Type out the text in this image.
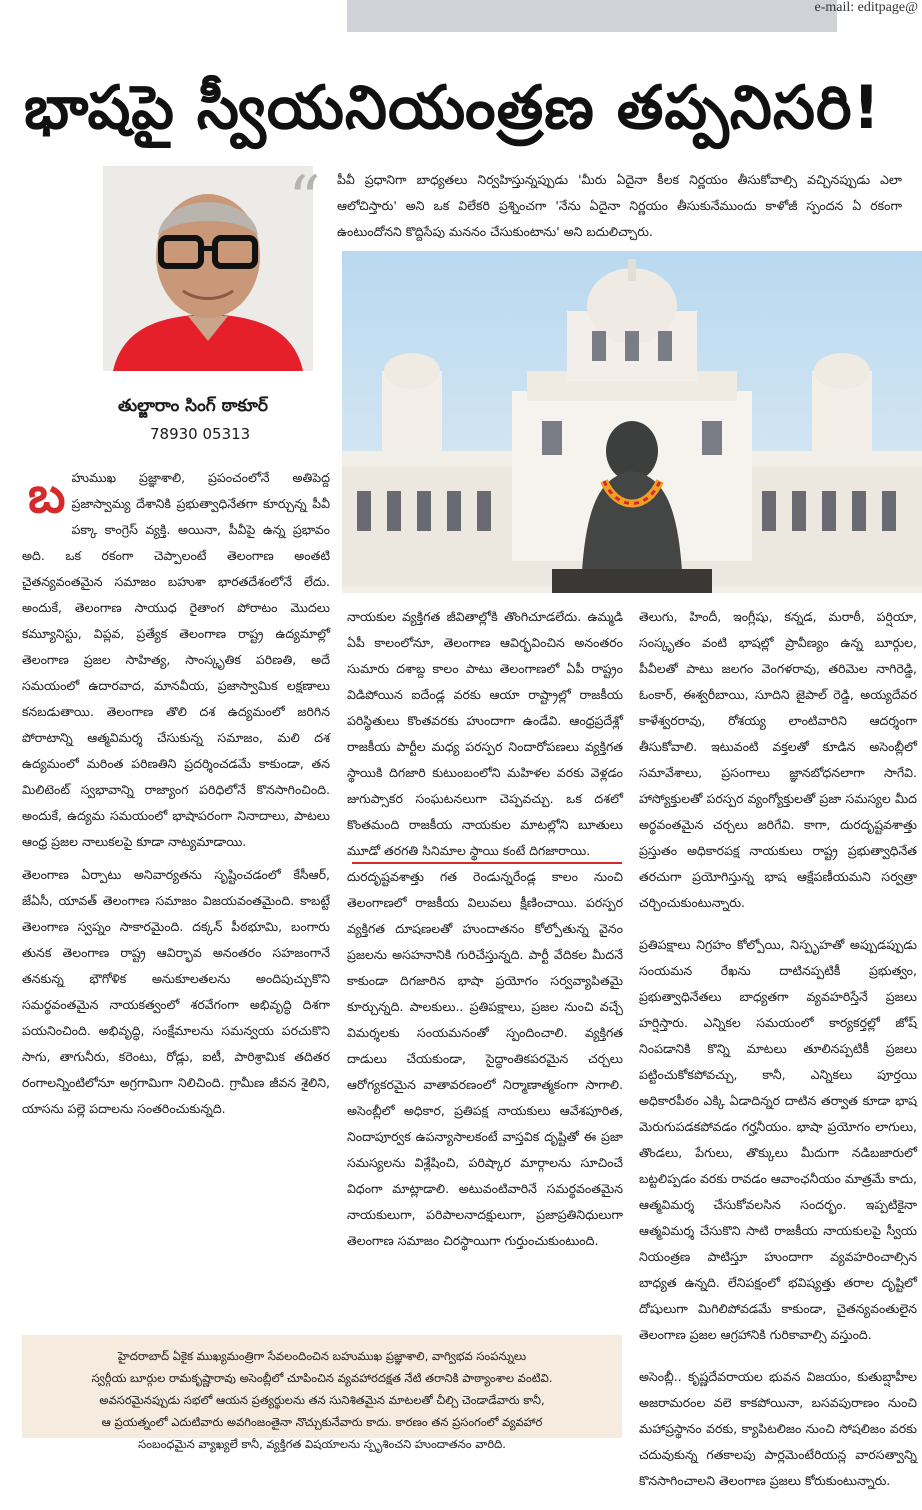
e-mail: editpage@
భాషపై స్వీయనియంత్రణ తప్పనిసరి!
తుల్జారాం సింగ్ ఠాకూర్
78930 05313
“ పీవీ ప్రధానిగా బాధ్యతలు నిర్వహిస్తున్నప్పుడు 'మీరు ఏదైనా కీలక నిర్ణయం తీసుకోవాల్సి వచ్చినప్పుడు ఎలా ఆలోచిస్తారు' అని ఒక విలేకరి ప్రశ్నించగా 'నేను ఏదైనా నిర్ణయం తీసుకునేముందు కాళోజీ స్పందన ఏ రకంగా ఉంటుందోనని కొద్దిసేపు మననం చేసుకుంటాను' అని బదులిచ్చారు.
బ హుముఖ ప్రజ్ఞాశాలి, ప్రపంచంలోనే అతిపెద్ద ప్రజాస్వామ్య దేశానికి ప్రభుత్వాధినేతగా కూర్చున్న పీవీ పక్కా కాంగ్రెస్ వ్యక్తి. అయినా, పీవీపై ఉన్న ప్రభావం అది. ఒక రకంగా చెప్పాలంటే తెలంగాణ అంతటి చైతన్యవంతమైన సమాజం బహుశా భారతదేశంలోనే లేదు. అందుకే, తెలంగాణ సాయుధ రైతాంగ పోరాటం మొదలు కమ్యూనిస్టు, విప్లవ, ప్రత్యేక తెలంగాణ రాష్ట్ర ఉద్యమాల్లో తెలంగాణ ప్రజల సాహిత్య, సాంస్కృతిక పరిణతి, అదే సమయంలో ఉదారవాద, మానవీయ, ప్రజాస్వామిక లక్షణాలు కనబడుతాయి. తెలంగాణ తొలి దశ ఉద్యమంలో జరిగిన పోరాటాన్ని ఆత్మవిమర్శ చేసుకున్న సమాజం, మలి దశ ఉద్యమంలో మరింత పరిణతిని ప్రదర్శించడమే కాకుండా, తన మిలిటెంట్ స్వభావాన్ని రాజ్యాంగ పరిధిలోనే కొనసాగించింది. అందుకే, ఉద్యమ సమయంలో భాషాపరంగా నినాదాలు, పాటలు ఆంధ్ర ప్రజల నాలుకలపై కూడా నాట్యమాడాయి.

తెలంగాణ ఏర్పాటు అనివార్యతను సృష్టించడంలో కేసీఆర్, జేఏసీ, యావత్ తెలంగాణ సమాజం విజయవంతమైంది. కాబట్టే తెలంగాణ స్వప్నం సాకారమైంది. దక్కన్ పీఠభూమి, బంగారు తునక తెలంగాణ రాష్ట్ర ఆవిర్భావ అనంతరం సహజంగానే తనకున్న భౌగోళిక అనుకూలతలను అందిపుచ్చుకొని సమర్థవంతమైన నాయకత్వంలో శరవేగంగా అభివృద్ధి దిశగా పయనించింది. అభివృద్ధి, సంక్షేమాలను సమన్వయ పరచుకొని సాగు, తాగునీరు, కరెంటు, రోడ్లు, ఐటీ, పారిశ్రామిక తదితర రంగాలన్నింటిలోనూ అగ్రగామిగా నిలిచింది. గ్రామీణ జీవన శైలిని, యాసను పల్లె పదాలను సంతరించుకున్నది.

నాయకుల వ్యక్తిగత జీవితాల్లోకి తొంగిచూడలేదు. ఉమ్మడి ఏపీ కాలంలోనూ, తెలంగాణ ఆవిర్భవించిన అనంతరం సుమారు దశాబ్ద కాలం పాటు తెలంగాణలో ఏపీ రాష్ట్రం విడిపోయిన ఐదేండ్ల వరకు ఆయా రాష్ట్రాల్లో రాజకీయ పరిస్థితులు కొంతవరకు హుందాగా ఉండేవి. ఆంధ్రప్రదేశ్లో రాజకీయ పార్టీల మధ్య పరస్పర నిందారోపణలు వ్యక్తిగత స్థాయికి దిగజారి కుటుంబంలోని మహిళల వరకు వెళ్లడం జుగుప్సాకర సంఘటనలుగా చెప్పవచ్చు. ఒక దశలో కొంతమంది రాజకీయ నాయకుల మాటల్లోని బూతులు మూడో తరగతి సినిమాల స్థాయి కంటే దిగజారాయి.

దురదృష్టవశాత్తు గత రెండున్నరేండ్ల కాలం నుంచి తెలంగాణలో రాజకీయ విలువలు క్షీణించాయి. పరస్పర వ్యక్తిగత దూషణలతో హుందాతనం కోల్పోతున్న వైనం ప్రజలను అసహనానికి గురిచేస్తున్నది. పార్టీ వేదికల మీదనే కాకుండా దిగజారిన భాషా ప్రయోగం సర్వవ్యాపితమై కూర్చున్నది. పాలకులు.. ప్రతిపక్షాలు, ప్రజల నుంచి వచ్చే విమర్శలకు సంయమనంతో స్పందించాలి. వ్యక్తిగత దాడులు చేయకుండా, సైద్ధాంతికపరమైన చర్చలు ఆరోగ్యకరమైన వాతావరణంలో నిర్మాణాత్మకంగా సాగాలి. అసెంబ్లీలో అధికార, ప్రతిపక్ష నాయకులు ఆవేశపూరిత, నిందాపూర్వక ఉపన్యాసాలకంటే వాస్తవిక దృష్టితో ఈ ప్రజా సమస్యలను విశ్లేషించి, పరిష్కార మార్గాలను సూచించే విధంగా మాట్లాడాలి. అటువంటివారినే సమర్థవంతమైన నాయకులుగా, పరిపాలనాదక్షులుగా, ప్రజాప్రతినిధులుగా తెలంగాణ సమాజం చిరస్థాయిగా గుర్తుంచుకుంటుంది.

తెలుగు, హిందీ, ఇంగ్లీషు, కన్నడ, మరాఠీ, పర్షియా, సంస్కృతం వంటి భాషల్లో ప్రావీణ్యం ఉన్న బూర్గుల, పీవీలతో పాటు జలగం వెంగళరావు, తరిమెల నాగిరెడ్డి, ఓంకార్, ఈశ్వరీబాయి, సూదిని జైపాల్ రెడ్డి, అయ్యదేవర కాళేశ్వరరావు, రోశయ్య లాంటివారిని ఆదర్శంగా తీసుకోవాలి. ఇటువంటి వక్తలతో కూడిన అసెంబ్లీలో సమావేశాలు, ప్రసంగాలు జ్ఞానబోధనలాగా సాగేవి. హాస్యోక్తులతో పరస్పర వ్యంగ్యోక్తులతో ప్రజా సమస్యల మీద అర్థవంతమైన చర్చలు జరిగేవి. కాగా, దురదృష్టవశాత్తు ప్రస్తుతం అధికారపక్ష నాయకులు రాష్ట్ర ప్రభుత్వాధినేత తరచుగా ప్రయోగిస్తున్న భాష ఆక్షేపణీయమని సర్వత్రా చర్చించుకుంటున్నారు.

ప్రతిపక్షాలు నిగ్రహం కోల్పోయి, నిస్పృహతో అప్పుడప్పుడు సంయమన రేఖను దాటినప్పటికీ ప్రభుత్వం, ప్రభుత్వాధినేతలు బాధ్యతగా వ్యవహరిస్తేనే ప్రజలు హర్షిస్తారు. ఎన్నికల సమయంలో కార్యకర్తల్లో జోష్ నింపడానికి కొన్ని మాటలు తూలినప్పటికీ ప్రజలు పట్టించుకోకపోవచ్చు, కానీ, ఎన్నికలు పూర్తయి అధికారపీఠం ఎక్కి ఏడాదిన్నర దాటిన తర్వాత కూడా భాష మెరుగుపడకపోవడం గర్హనీయం. భాషా ప్రయోగం లాగులు, తొండలు, పేగులు, తొక్కులు మీదుగా నడిబజారులో బట్టలిప్పడం వరకు రావడం ఆవాంఛనీయం మాత్రమే కాదు, ఆత్మవిమర్శ చేసుకోవలసిన సందర్భం. ఇప్పటికైనా ఆత్మవిమర్శ చేసుకొని సాటి రాజకీయ నాయకులపై స్వీయ నియంత్రణ పాటిస్తూ హుందాగా వ్యవహరించాల్సిన బాధ్యత ఉన్నది. లేనిపక్షంలో భవిష్యత్తు తరాల దృష్టిలో దోషులుగా మిగిలిపోవడమే కాకుండా, చైతన్యవంతులైన తెలంగాణ ప్రజల ఆగ్రహానికి గురికావాల్సి వస్తుంది.

అసెంబ్లీ.. కృష్ణదేవరాయల భువన విజయం, కుతుబ్షాహీల అజరామరంల వలె కాకపోయినా, బసవపురాణం నుంచి మహాప్రస్థానం వరకు, క్యాపిటలిజం నుంచి సోషలిజం వరకు చదువుకున్న గతకాలపు పార్లమెంటేరియన్ల వారసత్వాన్ని కొనసాగించాలని తెలంగాణ ప్రజలు కోరుకుంటున్నారు.

హైదరాబాద్ ఏకైక ముఖ్యమంత్రిగా సేవలందించిన బహుముఖ ప్రజ్ఞాశాలి, వాగ్విభవ సంపన్నులు
స్వర్గీయ బూర్గుల రామకృష్ణారావు అసెంబ్లీలో చూపించిన వ్యవహారదక్షత నేటి తరానికి పాఠ్యాంశాల వంటివి.
అవసరమైనప్పుడు సభలో ఆయన ప్రత్యర్థులను తన సునిశితమైన మాటలతో చీల్చి చెండాడేవారు కానీ,
ఆ ప్రయత్నంలో ఎదుటివారు అవగింజంతైనా నొచ్చుకునేవారు కాదు. కారణం తన ప్రసంగంలో వ్యవహార
సంబంధమైన వ్యాఖ్యలే కానీ, వ్యక్తిగత విషయాలను స్పృశించని హుందాతనం వారిది.
